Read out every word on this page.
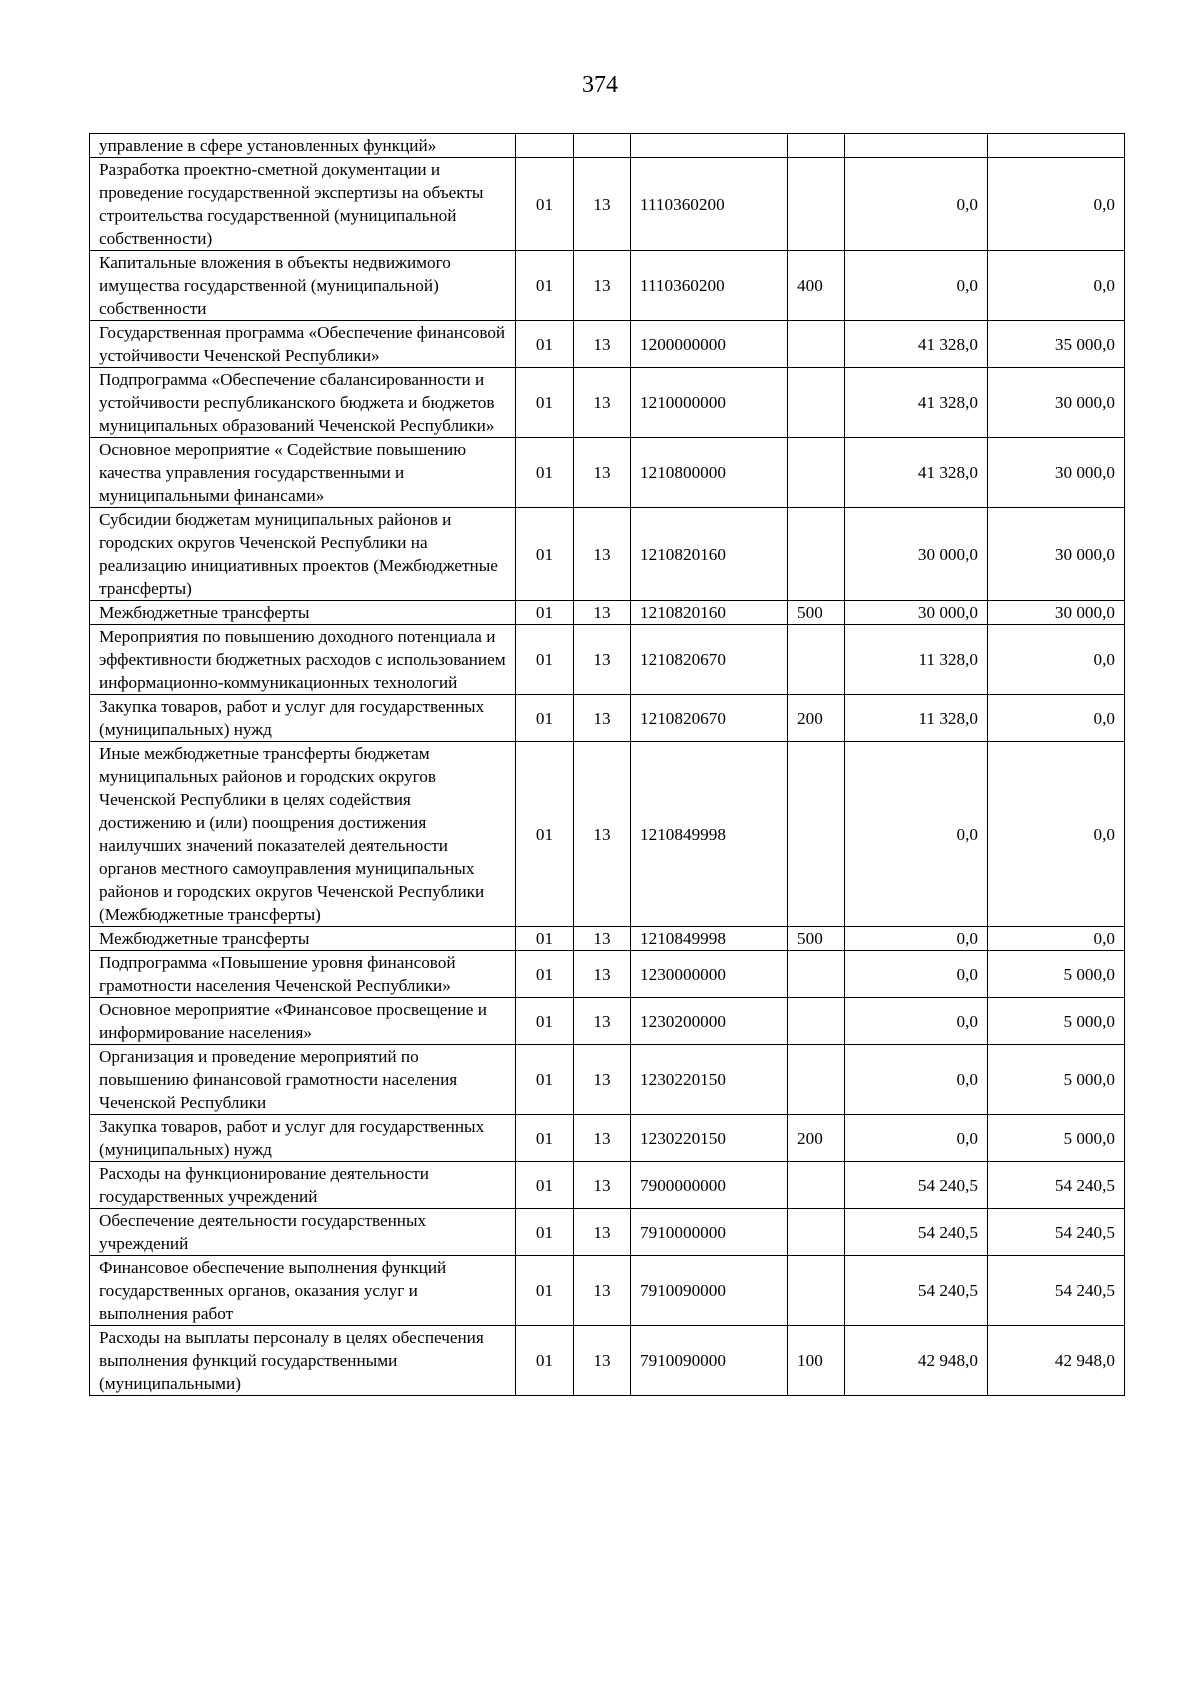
374
управление в сфере установленных функций»						
Разработка проектно-сметной документации и проведение государственной экспертизы на объекты строительства государственной (муниципальной собственности)	01	13	1110360200		0,0	0,0
Капитальные вложения в объекты недвижимого имущества государственной (муниципальной) собственности	01	13	1110360200	400	0,0	0,0
Государственная программа «Обеспечение финансовой устойчивости Чеченской Республики»	01	13	1200000000		41 328,0	35 000,0
Подпрограмма «Обеспечение сбалансированности и устойчивости республиканского бюджета и бюджетов муниципальных образований Чеченской Республики»	01	13	1210000000		41 328,0	30 000,0
Основное мероприятие « Содействие повышению качества управления государственными и муниципальными финансами»	01	13	1210800000		41 328,0	30 000,0
Субсидии бюджетам муниципальных районов и городских округов Чеченской Республики на реализацию инициативных проектов (Межбюджетные трансферты)	01	13	1210820160		30 000,0	30 000,0
Межбюджетные трансферты	01	13	1210820160	500	30 000,0	30 000,0
Мероприятия по повышению доходного потенциала и эффективности бюджетных расходов с использованием информационно-коммуникационных технологий	01	13	1210820670		11 328,0	0,0
Закупка товаров, работ и услуг для государственных (муниципальных) нужд	01	13	1210820670	200	11 328,0	0,0
Иные межбюджетные трансферты бюджетам муниципальных районов и городских округов Чеченской Республики в целях содействия достижению и (или) поощрения достижения наилучших значений показателей деятельности органов местного самоуправления муниципальных районов и городских округов Чеченской Республики (Межбюджетные трансферты)	01	13	1210849998		0,0	0,0
Межбюджетные трансферты	01	13	1210849998	500	0,0	0,0
Подпрограмма «Повышение уровня финансовой грамотности населения Чеченской Республики»	01	13	1230000000		0,0	5 000,0
Основное мероприятие «Финансовое просвещение и информирование населения»	01	13	1230200000		0,0	5 000,0
Организация и проведение мероприятий по повышению финансовой грамотности населения Чеченской Республики	01	13	1230220150		0,0	5 000,0
Закупка товаров, работ и услуг для государственных (муниципальных) нужд	01	13	1230220150	200	0,0	5 000,0
Расходы на функционирование деятельности государственных учреждений	01	13	7900000000		54 240,5	54 240,5
Обеспечение деятельности государственных учреждений	01	13	7910000000		54 240,5	54 240,5
Финансовое обеспечение выполнения функций государственных органов, оказания услуг и выполнения работ	01	13	7910090000		54 240,5	54 240,5
Расходы на выплаты персоналу в целях обеспечения выполнения функций государственными (муниципальными)	01	13	7910090000	100	42 948,0	42 948,0
